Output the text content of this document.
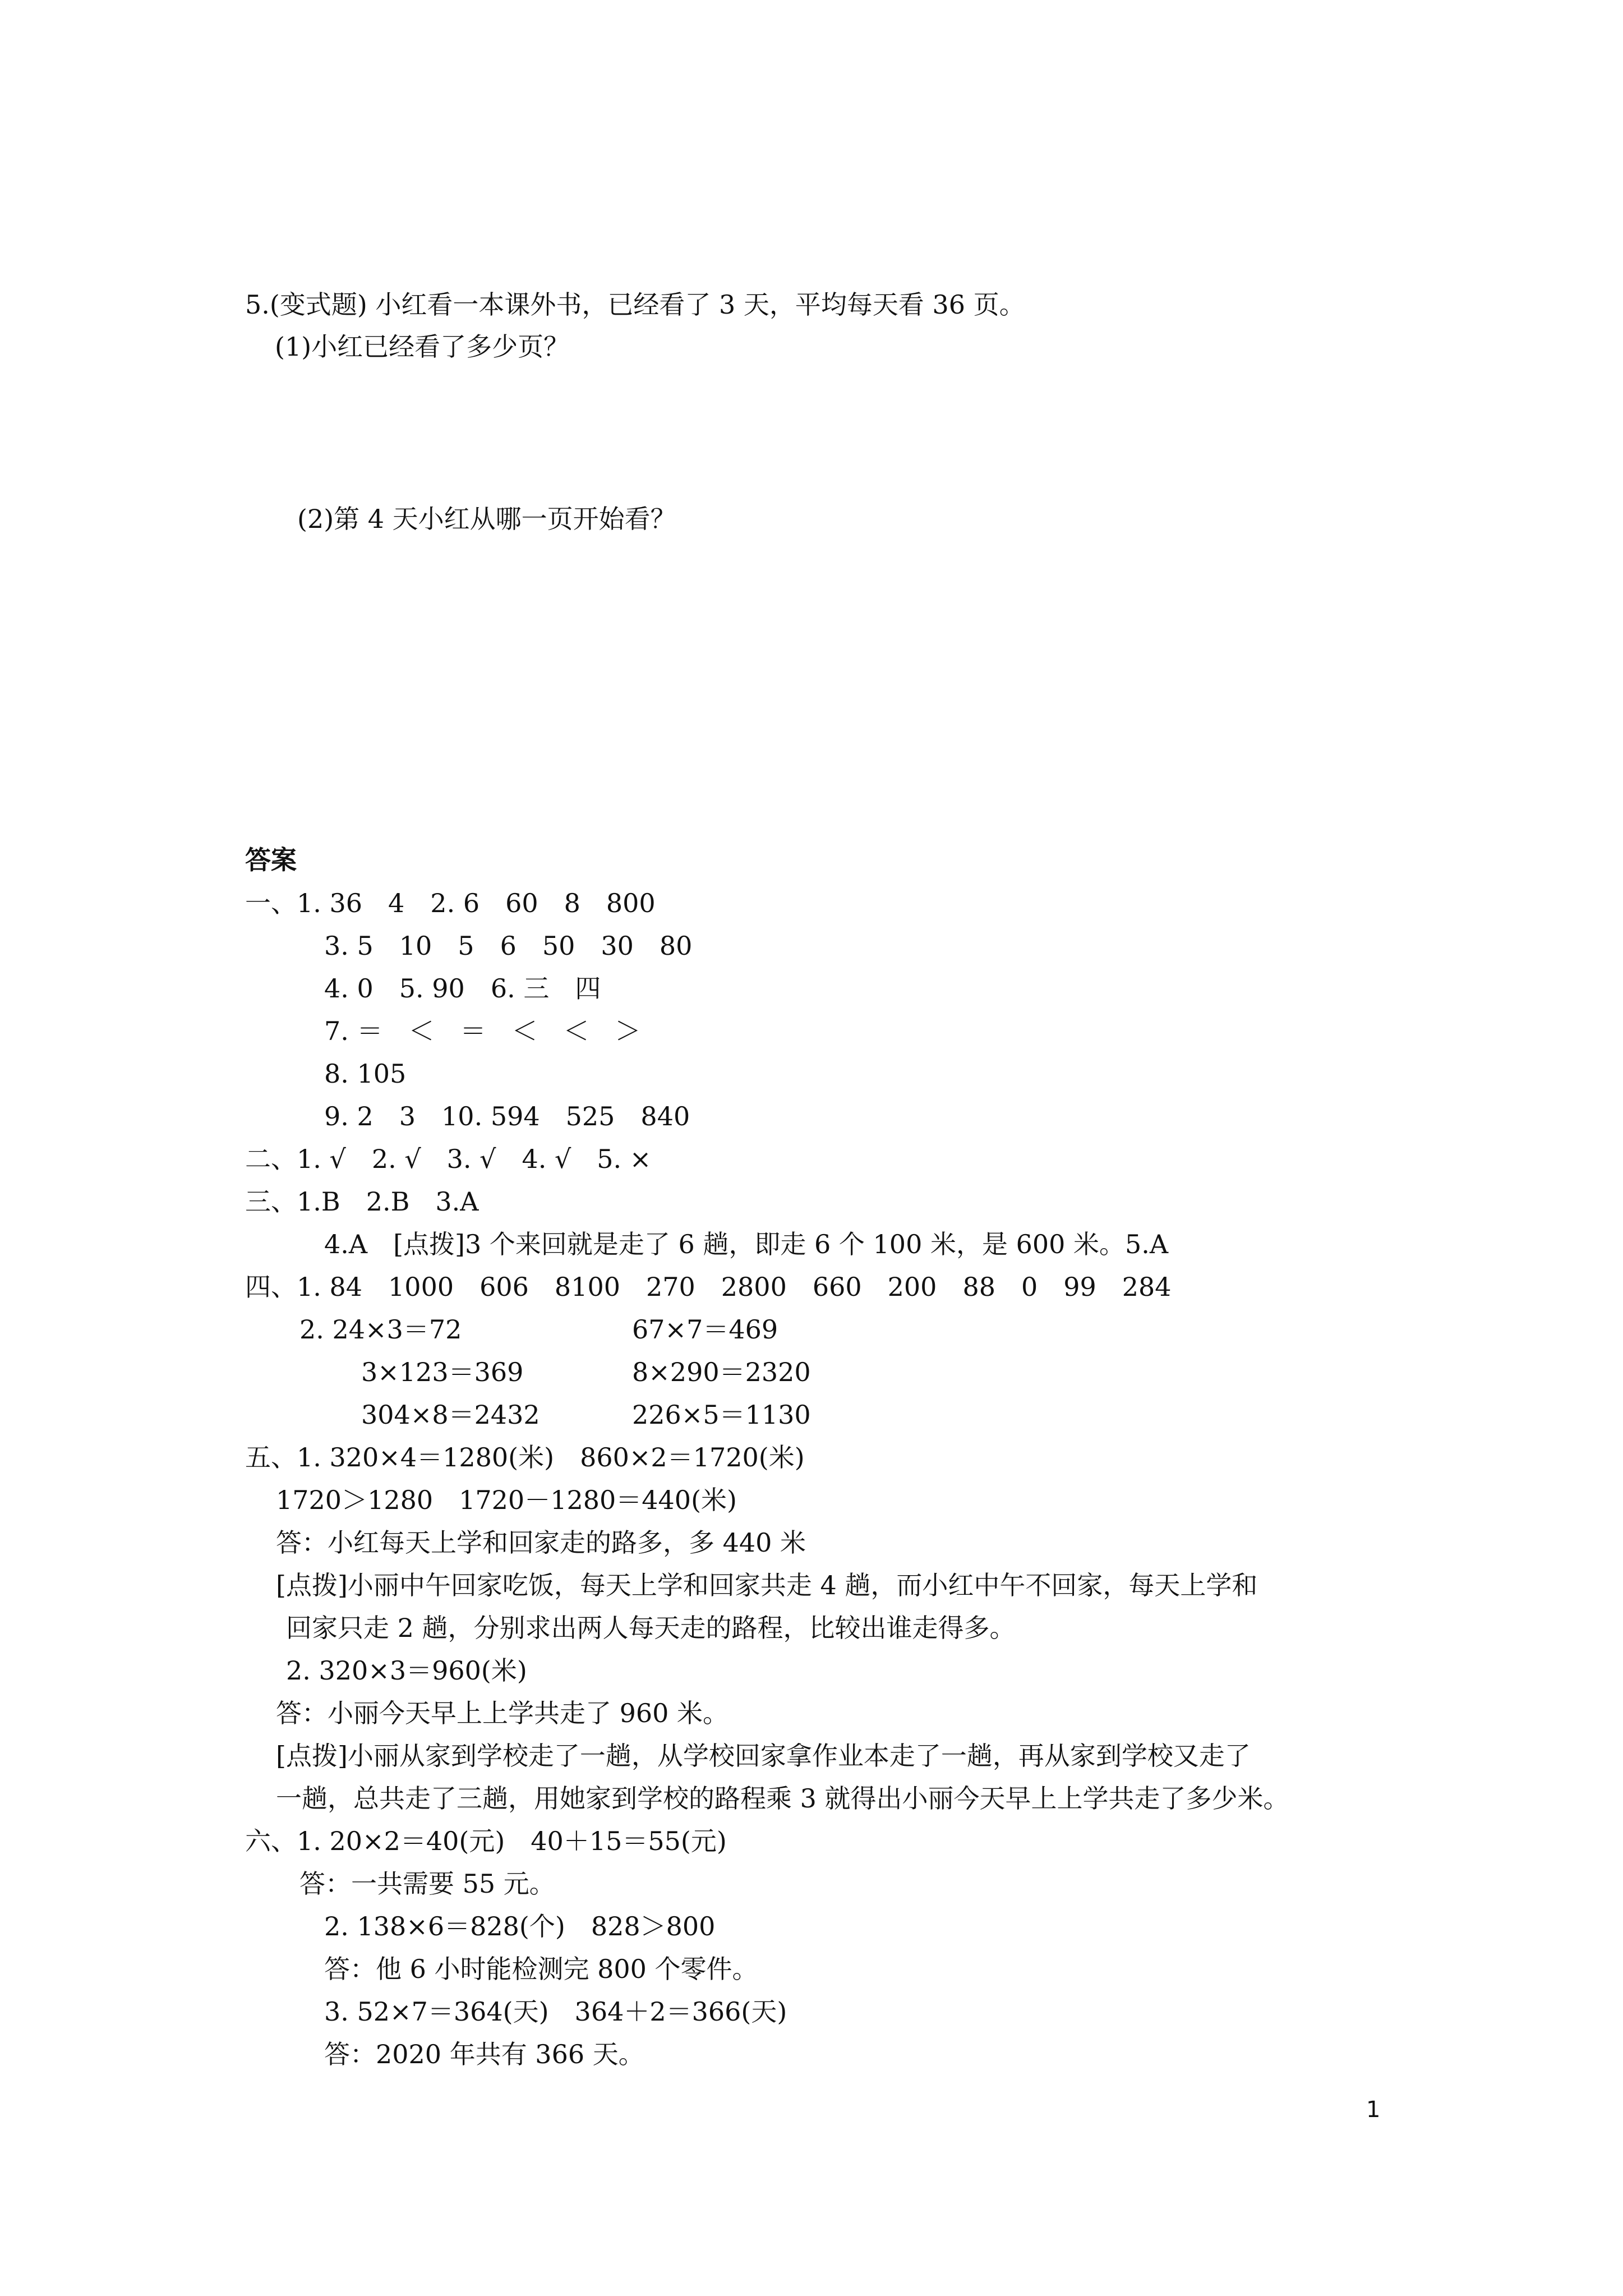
5.(变式题) 小红看一本课外书，已经看了 3 天，平均每天看 36 页。
(1)小红已经看了多少页？
(2)第 4 天小红从哪一页开始看？
答案
一、1. 36　4　2. 6　60　8　800
3. 5　10　5　6　50　30　80
4. 0　5. 90　6. 三　四
7. ＝　＜　＝　＜　＜　＞
8. 105
9. 2　3　10. 594　525　840
二、1. √　2. √　3. √　4. √　5. ×
三、1.B　2.B　3.A
4.A　[点拨]3 个来回就是走了 6 趟，即走 6 个 100 米，是 600 米。5.A
四、1. 84　1000　606　8100　270　2800　660　200　88　0　99　284
2. 24×3＝72	67×7＝469
3×123＝369	8×290＝2320
304×8＝2432	226×5＝1130
五、1. 320×4＝1280(米)　860×2＝1720(米)
1720＞1280　1720－1280＝440(米)
答：小红每天上学和回家走的路多，多 440 米
[点拨]小丽中午回家吃饭，每天上学和回家共走 4 趟，而小红中午不回家，每天上学和
回家只走 2 趟，分别求出两人每天走的路程，比较出谁走得多。
2. 320×3＝960(米)
答：小丽今天早上上学共走了 960 米。
[点拨]小丽从家到学校走了一趟，从学校回家拿作业本走了一趟，再从家到学校又走了
一趟，总共走了三趟，用她家到学校的路程乘 3 就得出小丽今天早上上学共走了多少米。
六、1. 20×2＝40(元)　40＋15＝55(元)
答：一共需要 55 元。
2. 138×6＝828(个)　828＞800
答：他 6 小时能检测完 800 个零件。
3. 52×7＝364(天)　364＋2＝366(天)
答：2020 年共有 366 天。
1
